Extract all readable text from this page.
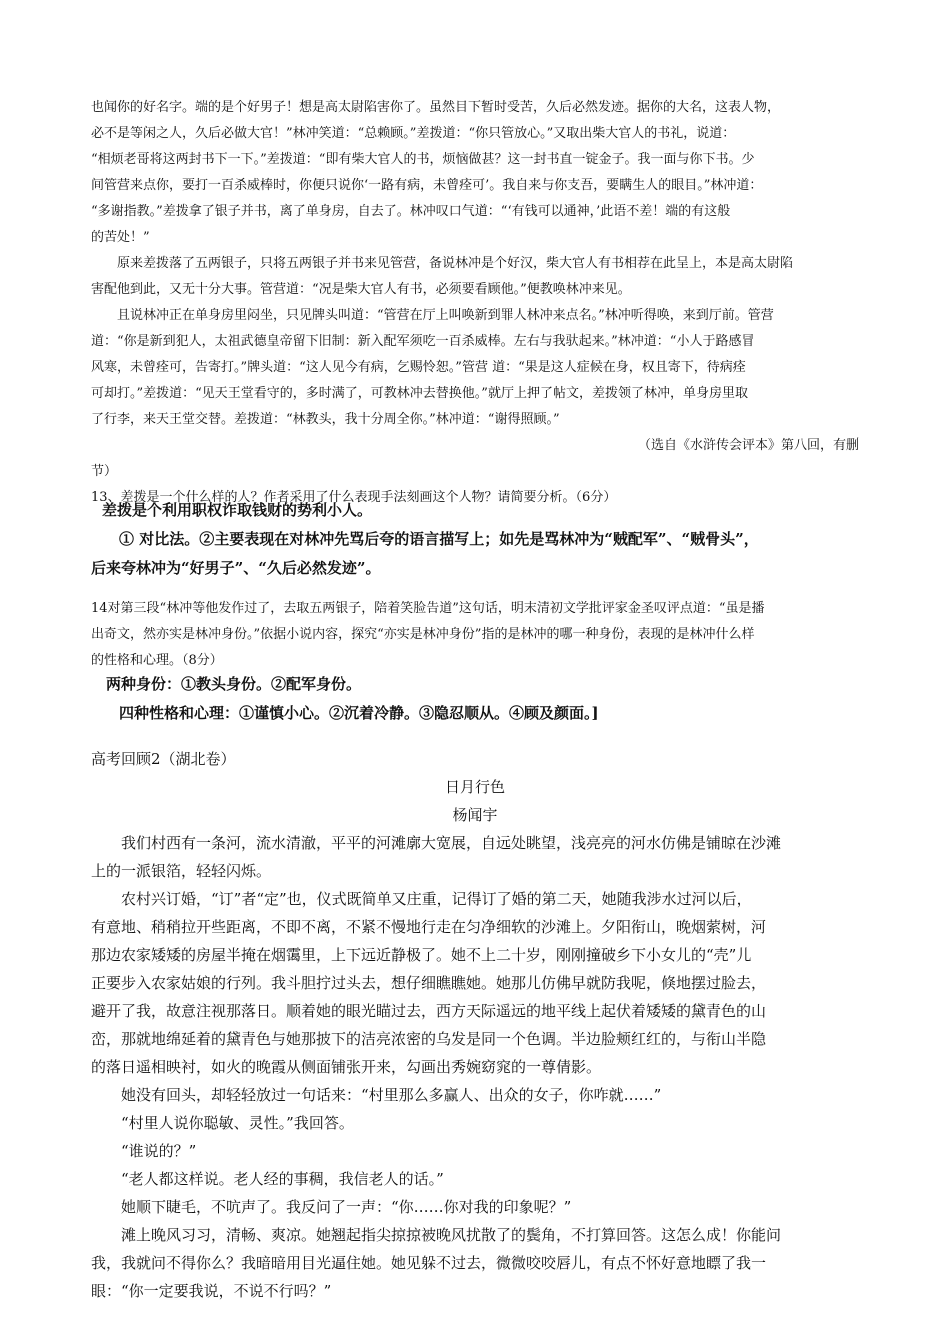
也闻你的好名字。端的是个好男子！想是高太尉陷害你了。虽然目下暂时受苦，久后必然发迹。据你的大名，这表人物，

必不是等闲之人，久后必做大官！”林冲笑道：“总赖顾。”差拨道：“你只管放心。”又取出柴大官人的书礼，说道：

“相烦老哥将这两封书下一下。”差拨道：“即有柴大官人的书，烦恼做甚？这一封书直一锭金子。我一面与你下书。少

间管营来点你，要打一百杀威棒时，你便只说你‘一路有病，未曾痊可’。我自来与你支吾，要瞒生人的眼目。”林冲道：

“多谢指教。”差拨拿了银子并书，离了单身房，自去了。林冲叹口气道：“‘有钱可以通神，’此语不差！端的有这般

的苦处！”

原来差拨落了五两银子，只将五两银子并书来见管营，备说林冲是个好汉，柴大官人有书相荐在此呈上，本是高太尉陷

害配他到此，又无十分大事。管营道：“况是柴大官人有书，必须要看顾他。”便教唤林冲来见。

且说林冲正在单身房里闷坐，只见牌头叫道：“管营在厅上叫唤新到罪人林冲来点名。”林冲听得唤，来到厅前。管营

道：“你是新到犯人，太祖武德皇帝留下旧制：新入配军须吃一百杀威棒。左右与我驮起来。”林冲道：“小人于路感冒

风寒，未曾痊可，告寄打。”牌头道：“这人见今有病，乞赐怜恕。”管营 道：“果是这人症候在身，权且寄下，待病痊

可却打。”差拨道：“见天王堂看守的，多时满了，可教林冲去替换他。”就厅上押了帖文，差拨领了林冲，单身房里取

了行李，来天王堂交替。差拨道：“林教头，我十分周全你。”林冲道：“谢得照顾。”

（选自《水浒传会评本》第八回，有删

节）

13、差拨是一个什么样的人？作者采用了什么表现手法刻画这个人物？请简要分析。（6分）

差拨是个利用职权诈取钱财的势利小人。

① 对比法。②主要表现在对林冲先骂后夸的语言描写上；如先是骂林冲为“贼配军”、“贼骨头”，

后来夸林冲为“好男子”、“久后必然发迹”。

14对第三段“林冲等他发作过了，去取五两银子，陪着笑脸告道”这句话，明末清初文学批评家金圣叹评点道：“虽是播

出奇文，然亦实是林冲身份。”依据小说内容，探究“亦实是林冲身份”指的是林冲的哪一种身份，表现的是林冲什么样

的性格和心理。（8分）

两种身份：①教头身份。②配军身份。

四种性格和心理：①谨慎小心。②沉着冷静。③隐忍顺从。④顾及颜面。]

高考回顾2（湖北卷）

日月行色

杨闻宇

我们村西有一条河，流水清澈，平平的河滩廓大宽展，自远处眺望，浅亮亮的河水仿佛是铺晾在沙滩

上的一派银箔，轻轻闪烁。

农村兴订婚，“订”者“定”也，仪式既简单又庄重，记得订了婚的第二天，她随我涉水过河以后，

有意地、稍稍拉开些距离，不即不离，不紧不慢地行走在匀净细软的沙滩上。夕阳衔山，晚烟萦树，河

那边农家矮矮的房屋半掩在烟霭里，上下远近静极了。她不上二十岁，刚刚撞破乡下小女儿的“壳”儿

正要步入农家姑娘的行列。我斗胆拧过头去，想仔细瞧瞧她。她那儿仿佛早就防我呢，倏地摆过脸去，

避开了我，故意注视那落日。顺着她的眼光瞄过去，西方天际遥远的地平线上起伏着矮矮的黛青色的山

峦，那就地绵延着的黛青色与她那披下的洁亮浓密的乌发是同一个色调。半边脸颊红红的，与衔山半隐

的落日遥相映衬，如火的晚霞从侧面铺张开来，勾画出秀婉窈窕的一尊倩影。

她没有回头，却轻轻放过一句话来：“村里那么多赢人、出众的女子，你咋就……”

“村里人说你聪敏、灵性。”我回答。

“谁说的？”

“老人都这样说。老人经的事稠，我信老人的话。”

她顺下睫毛，不吭声了。我反问了一声：“你……你对我的印象呢？”

滩上晚风习习，清畅、爽凉。她翘起指尖掠掠被晚风扰散了的鬓角，不打算回答。这怎么成！你能问

我，我就问不得你么？我暗暗用目光逼住她。她见躲不过去，微微咬咬唇儿，有点不怀好意地瞟了我一

眼：“你一定要我说，不说不行吗？”
